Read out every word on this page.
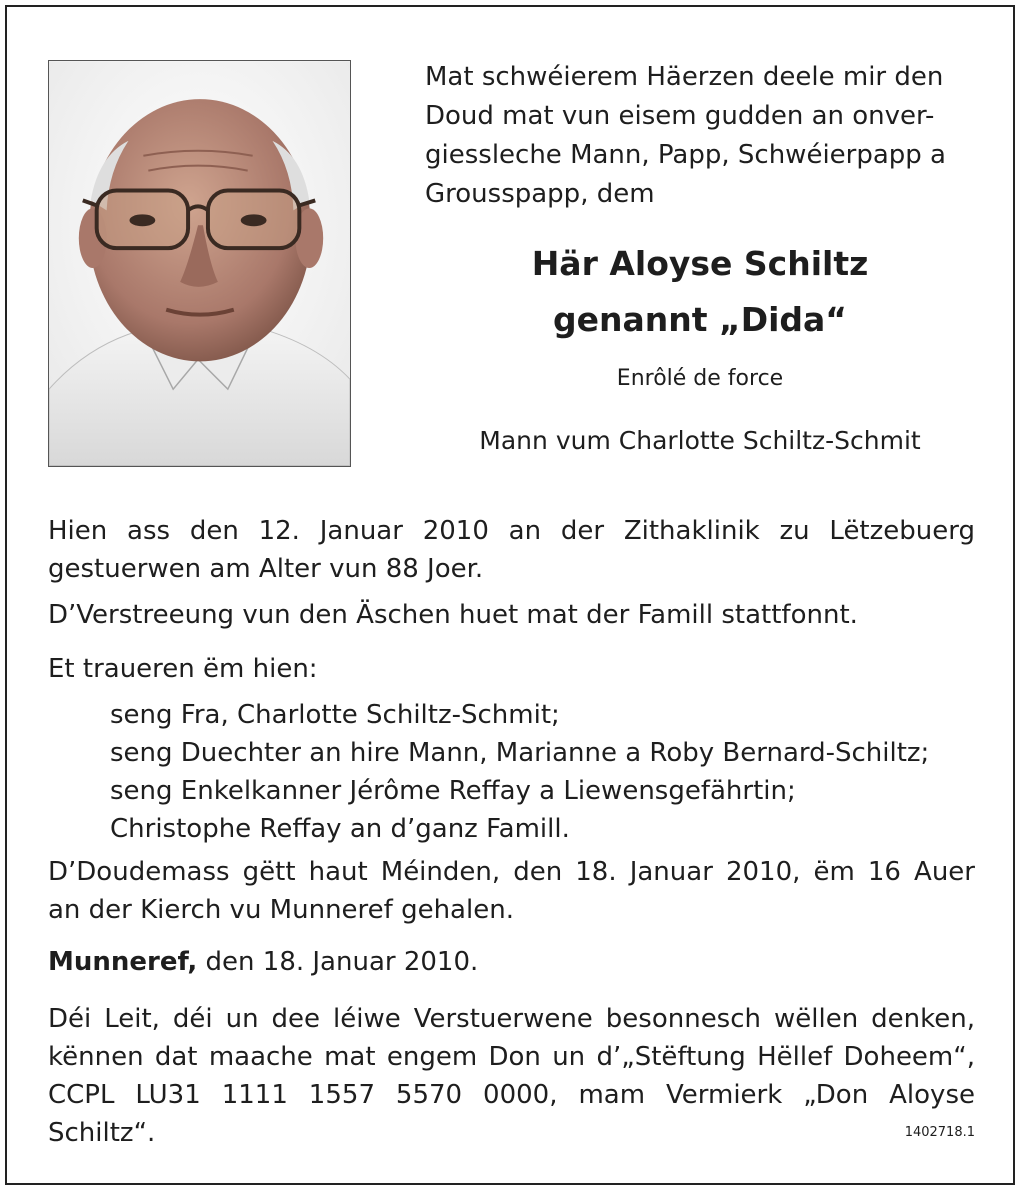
Mat schwéierem Häerzen deele mir den
Doud mat vun eisem gudden an onver-
giessleche Mann, Papp, Schwéierpapp a
Grousspapp, dem

Här Aloyse Schiltz

genannt „Dida“

Enrôlé de force

Mann vum Charlotte Schiltz-Schmit

Hien ass den 12. Januar 2010 an der Zithaklinik zu Lëtzebuerg
gestuerwen am Alter vun 88 Joer.

D’Verstreeung vun den Äschen huet mat der Famill stattfonnt.

Et traueren ëm hien:

seng Fra, Charlotte Schiltz-Schmit;
seng Duechter an hire Mann, Marianne a Roby Bernard-Schiltz;
seng Enkelkanner Jérôme Reffay a Liewensgefährtin;
Christophe Reffay an d’ganz Famill.

D’Doudemass gëtt haut Méinden, den 18. Januar 2010, ëm 16 Auer
an der Kierch vu Munneref gehalen.

Munneref, den 18. Januar 2010.

Déi Leit, déi un dee léiwe Verstuerwene besonnesch wëllen denken,
kënnen dat maache mat engem Don un d’„Stëftung Hëllef Doheem“,
CCPL LU31 1111 1557 5570 0000, mam Vermierk „Don Aloyse
Schiltz“.	1402718.1
